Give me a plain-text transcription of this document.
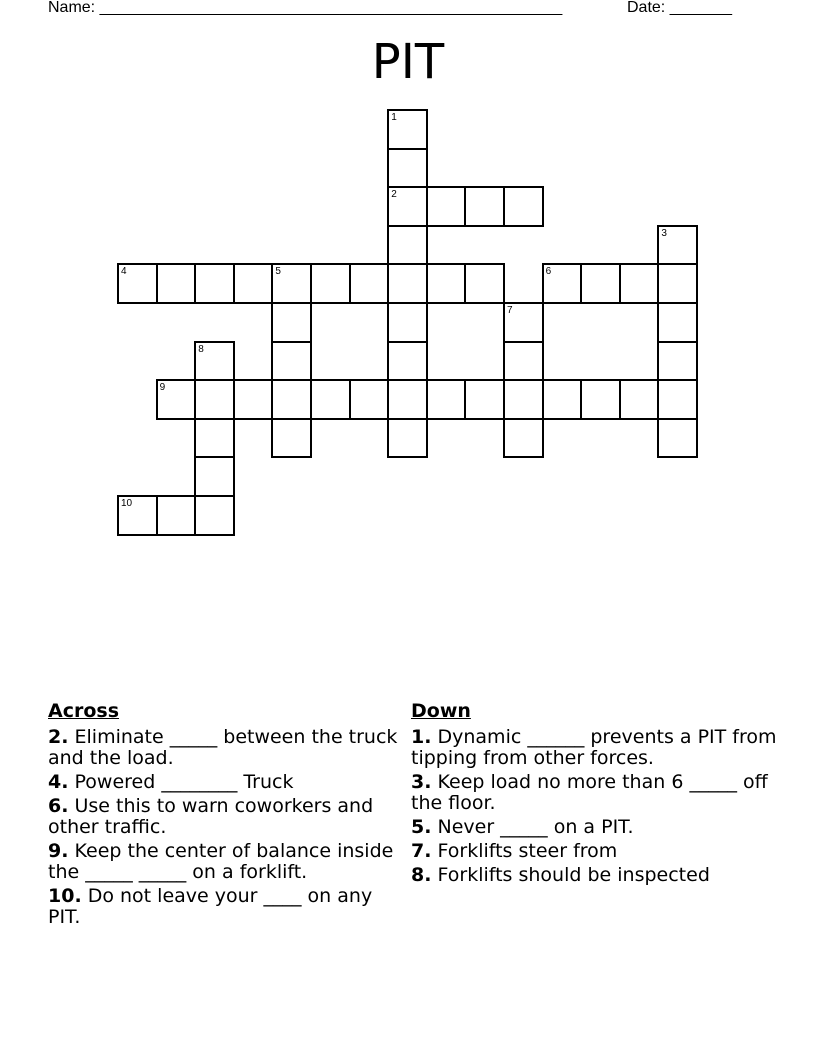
Name: ____________________________________________________	Date: _______
PIT
2
4	5	6
9
10
1
3
7
8
Across
2. Eliminate _____ between the truck and the load.
4. Powered ________ Truck
6. Use this to warn coworkers and other traffic.
9. Keep the center of balance inside the _____ _____ on a forklift.
10. Do not leave your ____ on any PIT.
Down
1. Dynamic ______ prevents a PIT from tipping from other forces.
3. Keep load no more than 6 _____ off the floor.
5. Never _____ on a PIT.
7. Forklifts steer from
8. Forklifts should be inspected
